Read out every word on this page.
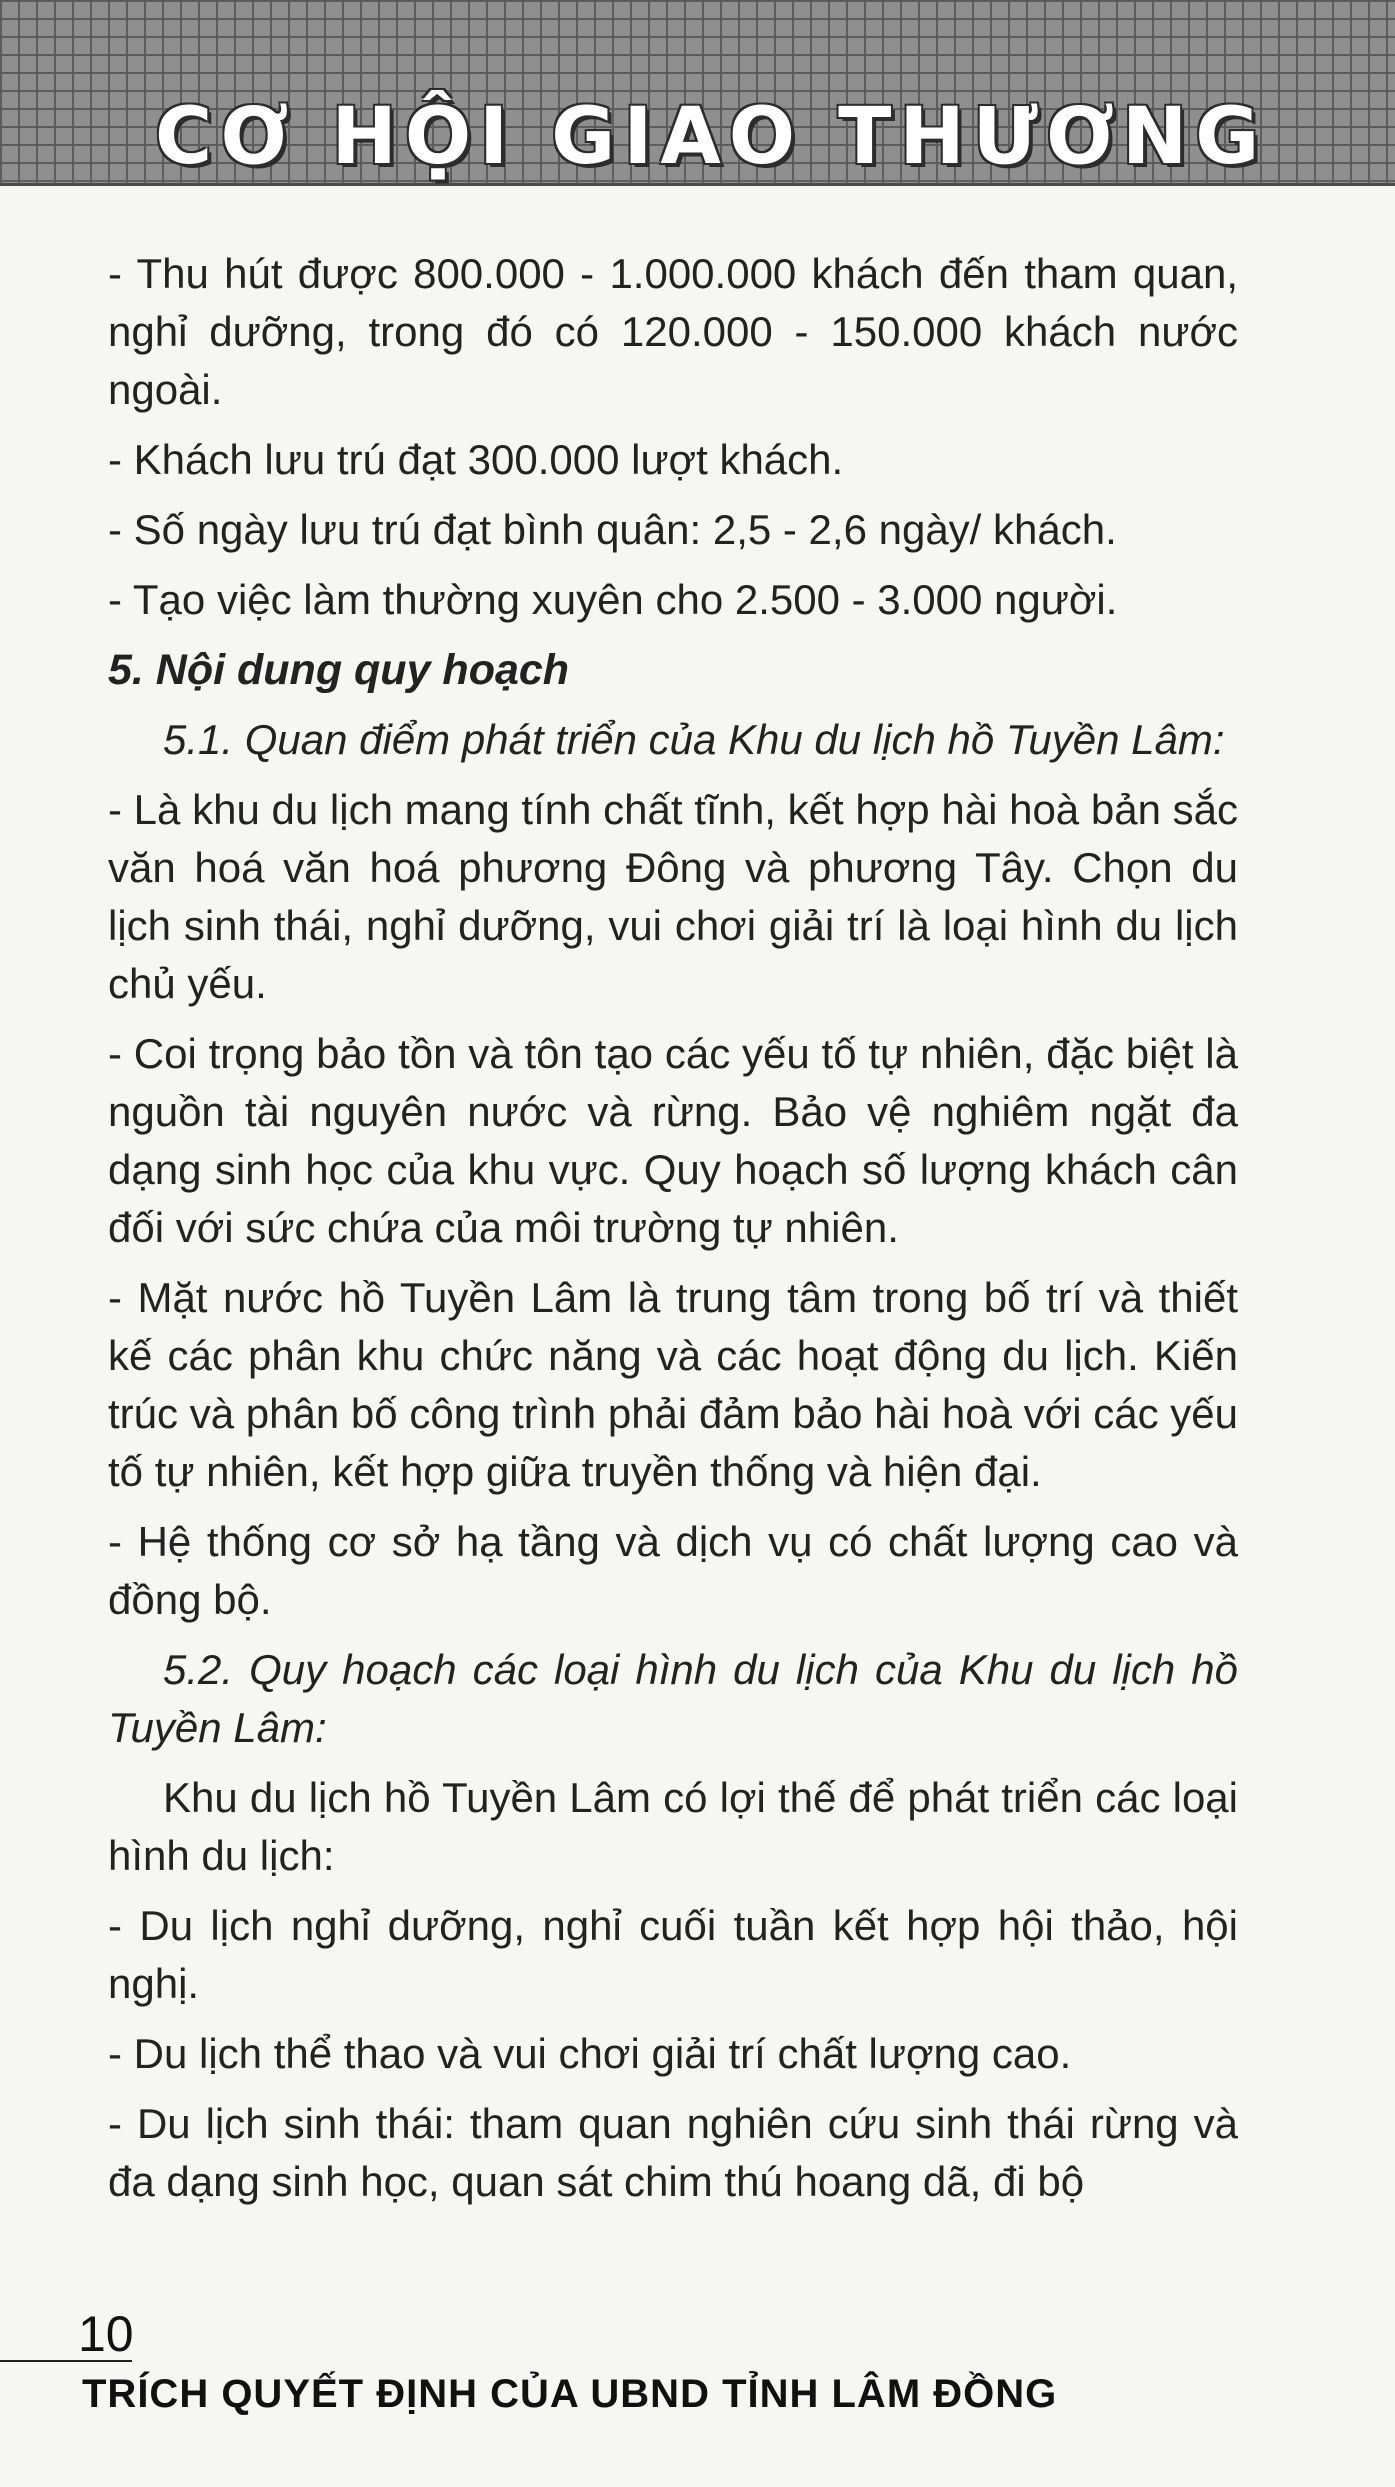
CƠ HỘI GIAO THƯƠNG
- Thu hút được 800.000 - 1.000.000 khách đến tham quan, nghỉ dưỡng, trong đó có 120.000 - 150.000 khách nước ngoài.
- Khách lưu trú đạt 300.000 lượt khách.
- Số ngày lưu trú đạt bình quân: 2,5 - 2,6 ngày/ khách.
- Tạo việc làm thường xuyên cho 2.500 - 3.000 người.
5. Nội dung quy hoạch
5.1. Quan điểm phát triển của Khu du lịch hồ Tuyền Lâm:
- Là khu du lịch mang tính chất tĩnh, kết hợp hài hoà bản sắc văn hoá văn hoá phương Đông và phương Tây. Chọn du lịch sinh thái, nghỉ dưỡng, vui chơi giải trí là loại hình du lịch chủ yếu.
- Coi trọng bảo tồn và tôn tạo các yếu tố tự nhiên, đặc biệt là nguồn tài nguyên nước và rừng. Bảo vệ nghiêm ngặt đa dạng sinh học của khu vực. Quy hoạch số lượng khách cân đối với sức chứa của môi trường tự nhiên.
- Mặt nước hồ Tuyền Lâm là trung tâm trong bố trí và thiết kế các phân khu chức năng và các hoạt động du lịch. Kiến trúc và phân bố công trình phải đảm bảo hài hoà với các yếu tố tự nhiên, kết hợp giữa truyền thống và hiện đại.
- Hệ thống cơ sở hạ tầng và dịch vụ có chất lượng cao và đồng bộ.
5.2. Quy hoạch các loại hình du lịch của Khu du lịch hồ Tuyền Lâm:
Khu du lịch hồ Tuyền Lâm có lợi thế để phát triển các loại hình du lịch:
- Du lịch nghỉ dưỡng, nghỉ cuối tuần kết hợp hội thảo, hội nghị.
- Du lịch thể thao và vui chơi giải trí chất lượng cao.
- Du lịch sinh thái: tham quan nghiên cứu sinh thái rừng và đa dạng sinh học, quan sát chim thú hoang dã, đi bộ
10
TRÍCH QUYẾT ĐỊNH CỦA UBND TỈNH LÂM ĐỒNG
